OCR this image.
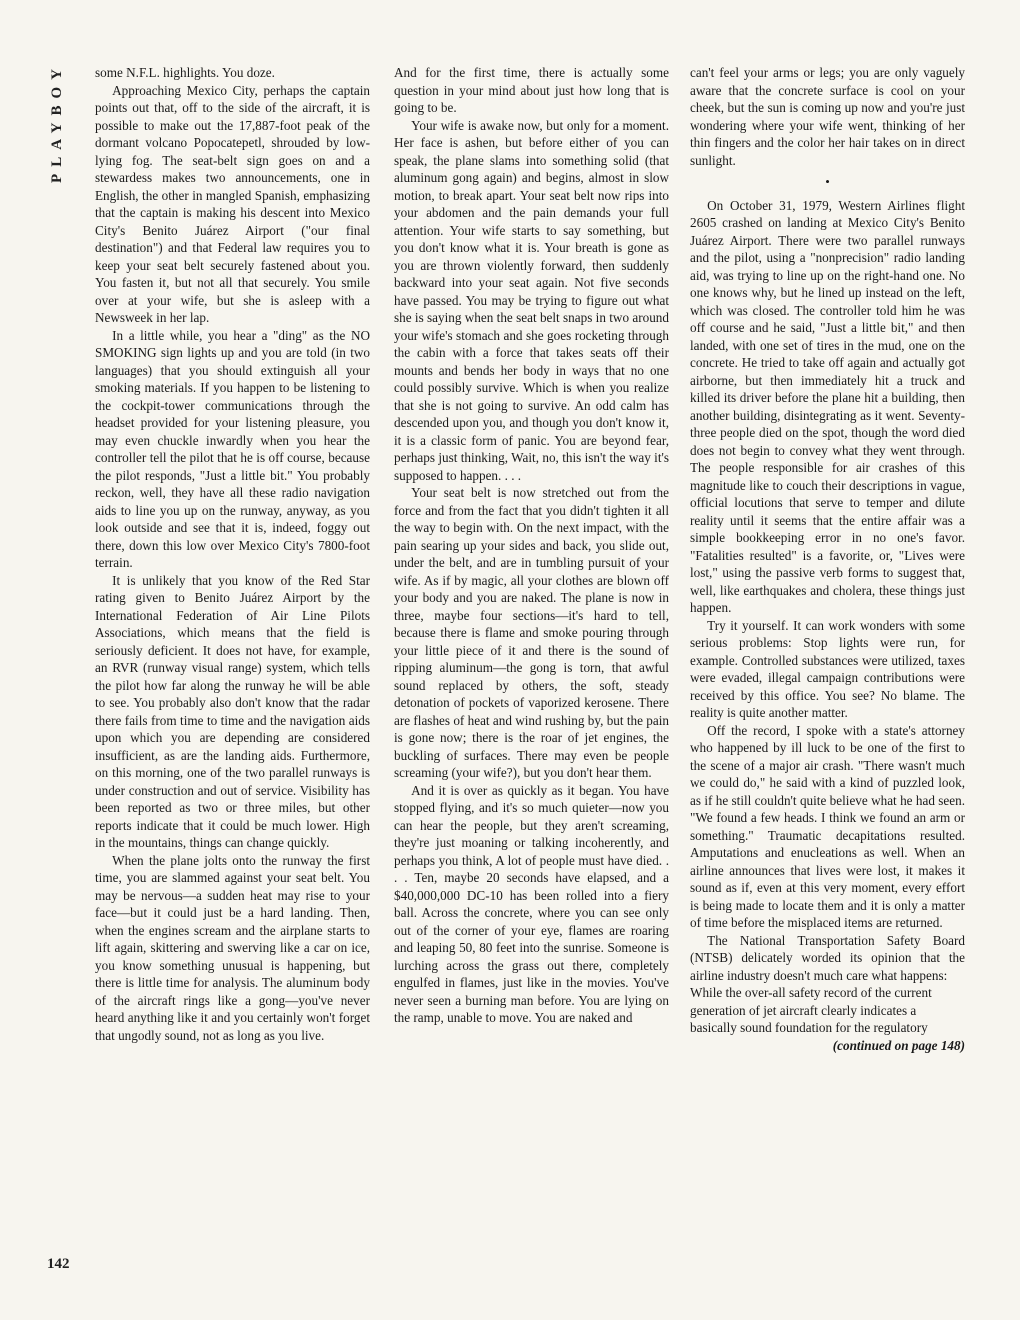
PLAYBOY	some N.F.L. highlights. You doze.

Approaching Mexico City, perhaps the captain points out that, off to the side of the aircraft, it is possible to make out the 17,887-foot peak of the dormant volcano Popocatepetl, shrouded by low-lying fog. The seat-belt sign goes on and a stewardess makes two announcements, one in English, the other in mangled Spanish, emphasizing that the captain is making his descent into Mexico City's Benito Juárez Airport ("our final destination") and that Federal law requires you to keep your seat belt securely fastened about you. You fasten it, but not all that securely. You smile over at your wife, but she is asleep with a Newsweek in her lap.

In a little while, you hear a "ding" as the NO SMOKING sign lights up and you are told (in two languages) that you should extinguish all your smoking materials. If you happen to be listening to the cockpit-tower communications through the headset provided for your listening pleasure, you may even chuckle inwardly when you hear the controller tell the pilot that he is off course, because the pilot responds, "Just a little bit." You probably reckon, well, they have all these radio navigation aids to line you up on the runway, anyway, as you look outside and see that it is, indeed, foggy out there, down this low over Mexico City's 7800-foot terrain.

It is unlikely that you know of the Red Star rating given to Benito Juárez Airport by the International Federation of Air Line Pilots Associations, which means that the field is seriously deficient. It does not have, for example, an RVR (runway visual range) system, which tells the pilot how far along the runway he will be able to see. You probably also don't know that the radar there fails from time to time and the navigation aids upon which you are depending are considered insufficient, as are the landing aids. Furthermore, on this morning, one of the two parallel runways is under construction and out of service. Visibility has been reported as two or three miles, but other reports indicate that it could be much lower. High in the mountains, things can change quickly.

When the plane jolts onto the runway the first time, you are slammed against your seat belt. You may be nervous—a sudden heat may rise to your face—but it could just be a hard landing. Then, when the engines scream and the airplane starts to lift again, skittering and swerving like a car on ice, you know something unusual is happening, but there is little time for analysis. The aluminum body of the aircraft rings like a gong—you've never heard anything like it and you certainly won't forget that ungodly sound, not as long as you live.

And for the first time, there is actually some question in your mind about just how long that is going to be.

Your wife is awake now, but only for a moment. Her face is ashen, but before either of you can speak, the plane slams into something solid (that aluminum gong again) and begins, almost in slow motion, to break apart. Your seat belt now rips into your abdomen and the pain demands your full attention. Your wife starts to say something, but you don't know what it is. Your breath is gone as you are thrown violently forward, then suddenly backward into your seat again. Not five seconds have passed. You may be trying to figure out what she is saying when the seat belt snaps in two around your wife's stomach and she goes rocketing through the cabin with a force that takes seats off their mounts and bends her body in ways that no one could possibly survive. Which is when you realize that she is not going to survive. An odd calm has descended upon you, and though you don't know it, it is a classic form of panic. You are beyond fear, perhaps just thinking, Wait, no, this isn't the way it's supposed to happen. . . .

Your seat belt is now stretched out from the force and from the fact that you didn't tighten it all the way to begin with. On the next impact, with the pain searing up your sides and back, you slide out, under the belt, and are in tumbling pursuit of your wife. As if by magic, all your clothes are blown off your body and you are naked. The plane is now in three, maybe four sections—it's hard to tell, because there is flame and smoke pouring through your little piece of it and there is the sound of ripping aluminum—the gong is torn, that awful sound replaced by others, the soft, steady detonation of pockets of vaporized kerosene. There are flashes of heat and wind rushing by, but the pain is gone now; there is the roar of jet engines, the buckling of surfaces. There may even be people screaming (your wife?), but you don't hear them.

And it is over as quickly as it began. You have stopped flying, and it's so much quieter—now you can hear the people, but they aren't screaming, they're just moaning or talking incoherently, and perhaps you think, A lot of people must have died. . . . Ten, maybe 20 seconds have elapsed, and a $40,000,000 DC-10 has been rolled into a fiery ball. Across the concrete, where you can see only out of the corner of your eye, flames are roaring and leaping 50, 80 feet into the sunrise. Someone is lurching across the grass out there, completely engulfed in flames, just like in the movies. You've never seen a burning man before. You are lying on the ramp, unable to move. You are naked and

can't feel your arms or legs; you are only vaguely aware that the concrete surface is cool on your cheek, but the sun is coming up now and you're just wondering where your wife went, thinking of her thin fingers and the color her hair takes on in direct sunlight.

•

On October 31, 1979, Western Airlines flight 2605 crashed on landing at Mexico City's Benito Juárez Airport. There were two parallel runways and the pilot, using a "nonprecision" radio landing aid, was trying to line up on the right-hand one. No one knows why, but he lined up instead on the left, which was closed. The controller told him he was off course and he said, "Just a little bit," and then landed, with one set of tires in the mud, one on the concrete. He tried to take off again and actually got airborne, but then immediately hit a truck and killed its driver before the plane hit a building, then another building, disintegrating as it went. Seventy-three people died on the spot, though the word died does not begin to convey what they went through. The people responsible for air crashes of this magnitude like to couch their descriptions in vague, official locutions that serve to temper and dilute reality until it seems that the entire affair was a simple bookkeeping error in no one's favor. "Fatalities resulted" is a favorite, or, "Lives were lost," using the passive verb forms to suggest that, well, like earthquakes and cholera, these things just happen.

Try it yourself. It can work wonders with some serious problems: Stop lights were run, for example. Controlled substances were utilized, taxes were evaded, illegal campaign contributions were received by this office. You see? No blame. The reality is quite another matter.

Off the record, I spoke with a state's attorney who happened by ill luck to be one of the first to the scene of a major air crash. "There wasn't much we could do," he said with a kind of puzzled look, as if he still couldn't quite believe what he had seen. "We found a few heads. I think we found an arm or something." Traumatic decapitations resulted. Amputations and enucleations as well. When an airline announces that lives were lost, it makes it sound as if, even at this very moment, every effort is being made to locate them and it is only a matter of time before the misplaced items are returned.

The National Transportation Safety Board (NTSB) delicately worded its opinion that the airline industry doesn't much care what happens:

While the over-all safety record of the current generation of jet aircraft clearly indicates a basically sound foundation for the regulatory

(continued on page 148)

142
